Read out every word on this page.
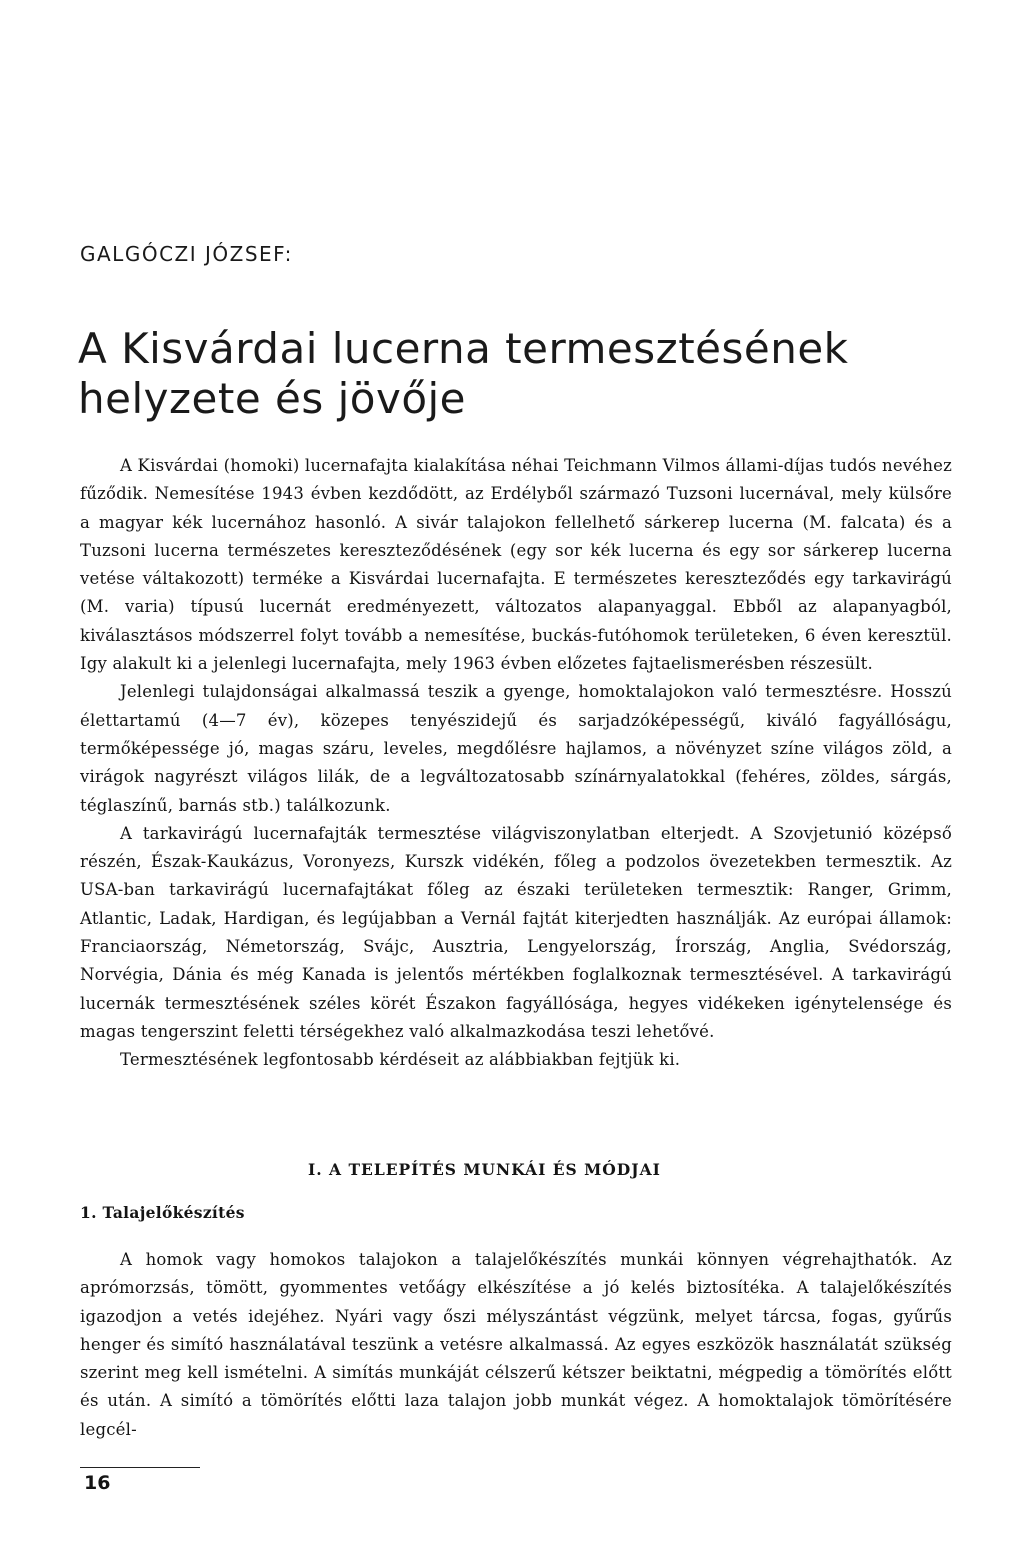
GALGÓCZI JÓZSEF:
A Kisvárdai lucerna termesztésének helyzete és jövője

A Kisvárdai (homoki) lucernafajta kialakítása néhai Teichmann Vilmos állami-díjas tudós nevéhez fűződik. Nemesítése 1943 évben kezdődött, az Erdélyből származó Tuzsoni lucernával, mely külsőre a magyar kék lucernához hasonló. A sivár talajokon fellelhető sárkerep lucerna (M. falcata) és a Tuzsoni lucerna természetes kereszteződésének (egy sor kék lucerna és egy sor sárkerep lucerna vetése váltakozott) terméke a Kisvárdai lucernafajta. E természetes kereszteződés egy tarkavirágú (M. varia) típusú lucernát eredményezett, változatos alapanyaggal. Ebből az alapanyagból, kiválasztásos módszerrel folyt tovább a nemesítése, buckás-futóhomok területeken, 6 éven keresztül. Igy alakult ki a jelenlegi lucernafajta, mely 1963 évben előzetes fajtaelismerésben részesült.

Jelenlegi tulajdonságai alkalmassá teszik a gyenge, homoktalajokon való termesztésre. Hosszú élettartamú (4—7 év), közepes tenyészidejű és sarjadzóképességű, kiváló fagyállóságu, termőképessége jó, magas száru, leveles, megdőlésre hajlamos, a növényzet színe világos zöld, a virágok nagyrészt világos lilák, de a legváltozatosabb színárnyalatokkal (fehéres, zöldes, sárgás, téglaszínű, barnás stb.) találkozunk.

A tarkavirágú lucernafajták termesztése világviszonylatban elterjedt. A Szovjetunió középső részén, Észak-Kaukázus, Voronyezs, Kurszk vidékén, főleg a podzolos övezetekben termesztik. Az USA-ban tarkavirágú lucernafajtákat főleg az északi területeken termesztik: Ranger, Grimm, Atlantic, Ladak, Hardigan, és legújabban a Vernál fajtát kiterjedten használják. Az európai államok: Franciaország, Németország, Svájc, Ausztria, Lengyelország, Írország, Anglia, Svédország, Norvégia, Dánia és még Kanada is jelentős mértékben foglalkoznak termesztésével. A tarkavirágú lucernák termesztésének széles körét Északon fagyállósága, hegyes vidékeken igénytelensége és magas tengerszint feletti térségekhez való alkalmazkodása teszi lehetővé.

Termesztésének legfontosabb kérdéseit az alábbiakban fejtjük ki.

I. A TELEPÍTÉS MUNKÁI ÉS MÓDJAI
1. Talajelőkészítés

A homok vagy homokos talajokon a talajelőkészítés munkái könnyen végrehajthatók. Az aprómorzsás, tömött, gyommentes vetőágy elkészítése a jó kelés biztosítéka. A talajelőkészítés igazodjon a vetés idejéhez. Nyári vagy őszi mélyszántást végzünk, melyet tárcsa, fogas, gyűrűs henger és simító használatával teszünk a vetésre alkalmassá. Az egyes eszközök használatát szükség szerint meg kell ismételni. A simítás munkáját célszerű kétszer beiktatni, mégpedig a tömörítés előtt és után. A simító a tömörítés előtti laza talajon jobb munkát végez. A homoktalajok tömörítésére legcél-

16
